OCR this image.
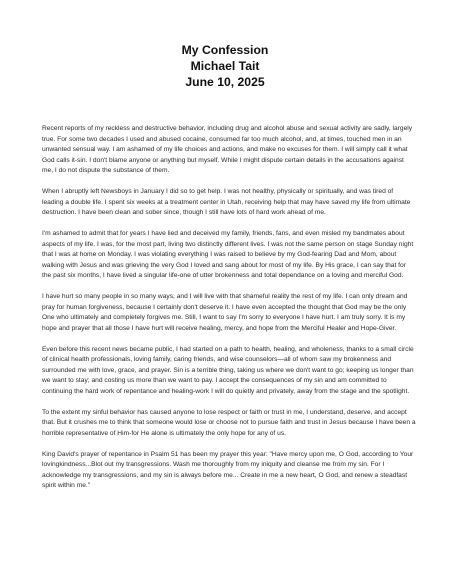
My Confession
Michael Tait
June 10, 2025

Recent reports of my reckless and destructive behavior, including drug and alcohol abuse and sexual activity are sadly, largely true. For some two decades I used and abused cocaine, consumed far too much alcohol, and, at times, touched men in an unwanted sensual way. I am ashamed of my life choices and actions, and make no excuses for them. I will simply call it what God calls it-sin. I don't blame anyone or anything but myself. While I might dispute certain details in the accusations against me, I do not dispute the substance of them.

When I abruptly left Newsboys in January I did so to get help. I was not healthy, physically or spiritually, and was tired of leading a double life. I spent six weeks at a treatment center in Utah, receiving help that may have saved my life from ultimate destruction. I have been clean and sober since, though I still have lots of hard work ahead of me.

I'm ashamed to admit that for years I have lied and deceived my family, friends, fans, and even misled my bandmates about aspects of my life. I was, for the most part, living two distinctly different lives. I was not the same person on stage Sunday night that I was at home on Monday. I was violating everything I was raised to believe by my God-fearing Dad and Mom, about walking with Jesus and was grieving the very God I loved and sang about for most of my life. By His grace, I can say that for the past six months, I have lived a singular life-one of utter brokenness and total dependance on a loving and merciful God.

I have hurt so many people in so many ways, and I will live with that shameful reality the rest of my life. I can only dream and pray for human forgiveness, because I certainly don't deserve it. I have even accepted the thought that God may be the only One who ultimately and completely forgives me. Still, I want to say I'm sorry to everyone I have hurt. I am truly sorry. It is my hope and prayer that all those I have hurt will receive healing, mercy, and hope from the Merciful Healer and Hope-Giver.

Even before this recent news became public, I had started on a path to health, healing, and wholeness, thanks to a small circle of clinical health professionals, loving family, caring friends, and wise counselors—all of whom saw my brokenness and surrounded me with love, grace, and prayer. Sin is a terrible thing, taking us where we don't want to go; keeping us longer than we want to stay; and costing us more than we want to pay. I accept the consequences of my sin and am committed to continuing the hard work of repentance and healing-work I will do quietly and privately, away from the stage and the spotlight.

To the extent my sinful behavior has caused anyone to lose respect or faith or trust in me, I understand, deserve, and accept that. But it crushes me to think that someone would lose or choose not to pursue faith and trust in Jesus because I have been a horrible representative of Him-for He alone is ultimately the only hope for any of us.

King David's prayer of repentance in Psalm 51 has been my prayer this year: "Have mercy upon me, O God, according to Your lovingkindness...Blot out my transgressions. Wash me thoroughly from my iniquity and cleanse me from my sin. For I acknowledge my transgressions, and my sin is always before me... Create in me a new heart, O God, and renew a steadfast spirit within me."
